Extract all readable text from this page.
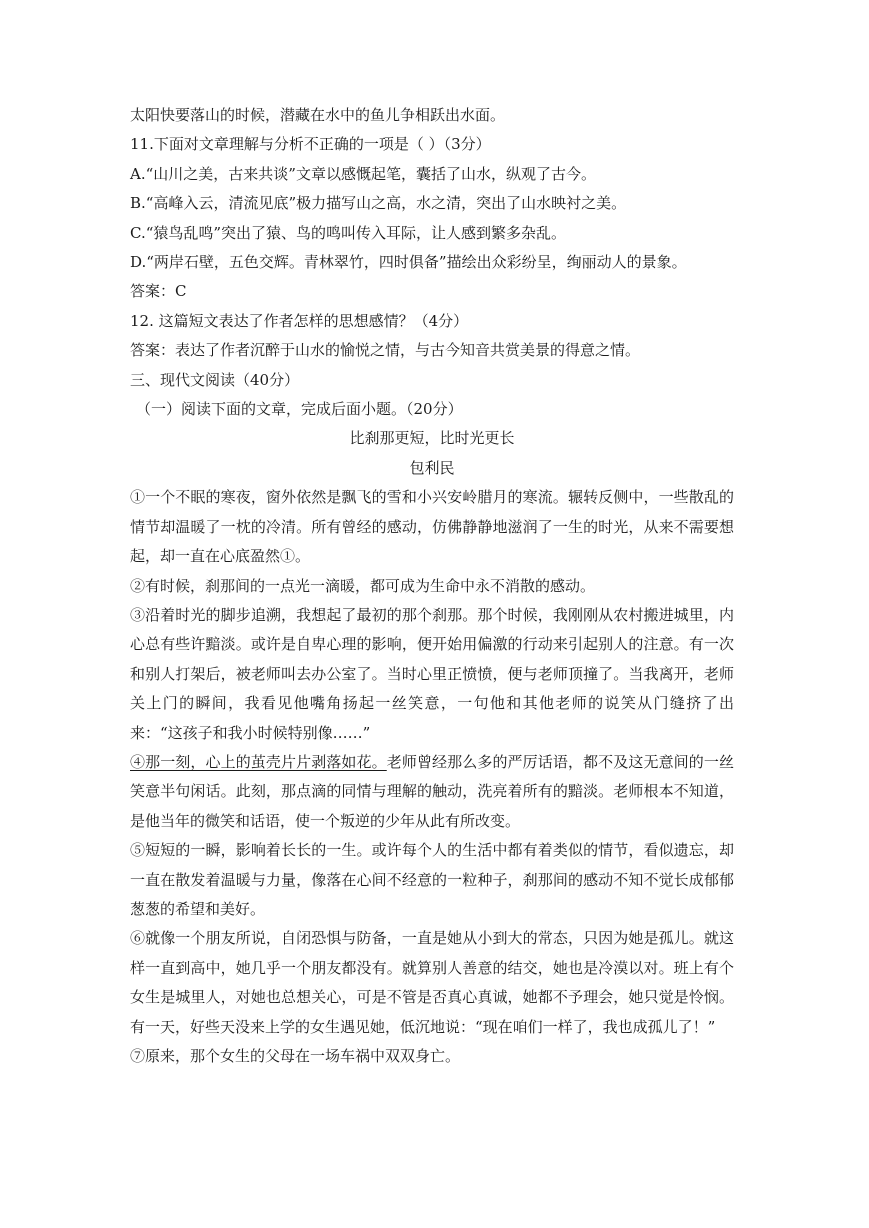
太阳快要落山的时候，潜藏在水中的鱼儿争相跃出水面。
11.下面对文章理解与分析不正确的一项是（ ）（3分）
A.“山川之美，古来共谈”文章以感慨起笔，囊括了山水，纵观了古今。
B.“高峰入云，清流见底”极力描写山之高，水之清，突出了山水映衬之美。
C.“猿鸟乱鸣”突出了猿、鸟的鸣叫传入耳际，让人感到繁多杂乱。
D.“两岸石壁，五色交辉。青林翠竹，四时俱备”描绘出众彩纷呈，绚丽动人的景象。
答案：C
12. 这篇短文表达了作者怎样的思想感情？（4分）
答案：表达了作者沉醉于山水的愉悦之情，与古今知音共赏美景的得意之情。
三、现代文阅读（40分）
（一）阅读下面的文章，完成后面小题。（20分）
比刹那更短，比时光更长
包利民
①一个不眠的寒夜，窗外依然是飘飞的雪和小兴安岭腊月的寒流。辗转反侧中，一些散乱的情节却温暖了一枕的冷清。所有曾经的感动，仿佛静静地滋润了一生的时光，从来不需要想起，却一直在心底盈然①。
②有时候，刹那间的一点光一滴暖，都可成为生命中永不消散的感动。
③沿着时光的脚步追溯，我想起了最初的那个刹那。那个时候，我刚刚从农村搬进城里，内心总有些许黯淡。或许是自卑心理的影响，便开始用偏激的行动来引起别人的注意。有一次和别人打架后，被老师叫去办公室了。当时心里正愤愤，便与老师顶撞了。当我离开，老师关上门的瞬间，我看见他嘴角扬起一丝笑意，一句他和其他老师的说笑从门缝挤了出来：“这孩子和我小时候特别像……”
④那一刻，心上的茧壳片片剥落如花。老师曾经那么多的严厉话语，都不及这无意间的一丝笑意半句闲话。此刻，那点滴的同情与理解的触动，洗亮着所有的黯淡。老师根本不知道，是他当年的微笑和话语，使一个叛逆的少年从此有所改变。
⑤短短的一瞬，影响着长长的一生。或许每个人的生活中都有着类似的情节，看似遗忘，却一直在散发着温暖与力量，像落在心间不经意的一粒种子，刹那间的感动不知不觉长成郁郁葱葱的希望和美好。
⑥就像一个朋友所说，自闭恐惧与防备，一直是她从小到大的常态，只因为她是孤儿。就这样一直到高中，她几乎一个朋友都没有。就算别人善意的结交，她也是冷漠以对。班上有个女生是城里人，对她也总想关心，可是不管是否真心真诚，她都不予理会，她只觉是怜悯。有一天，好些天没来上学的女生遇见她，低沉地说：“现在咱们一样了，我也成孤儿了！”
⑦原来，那个女生的父母在一场车祸中双双身亡。
